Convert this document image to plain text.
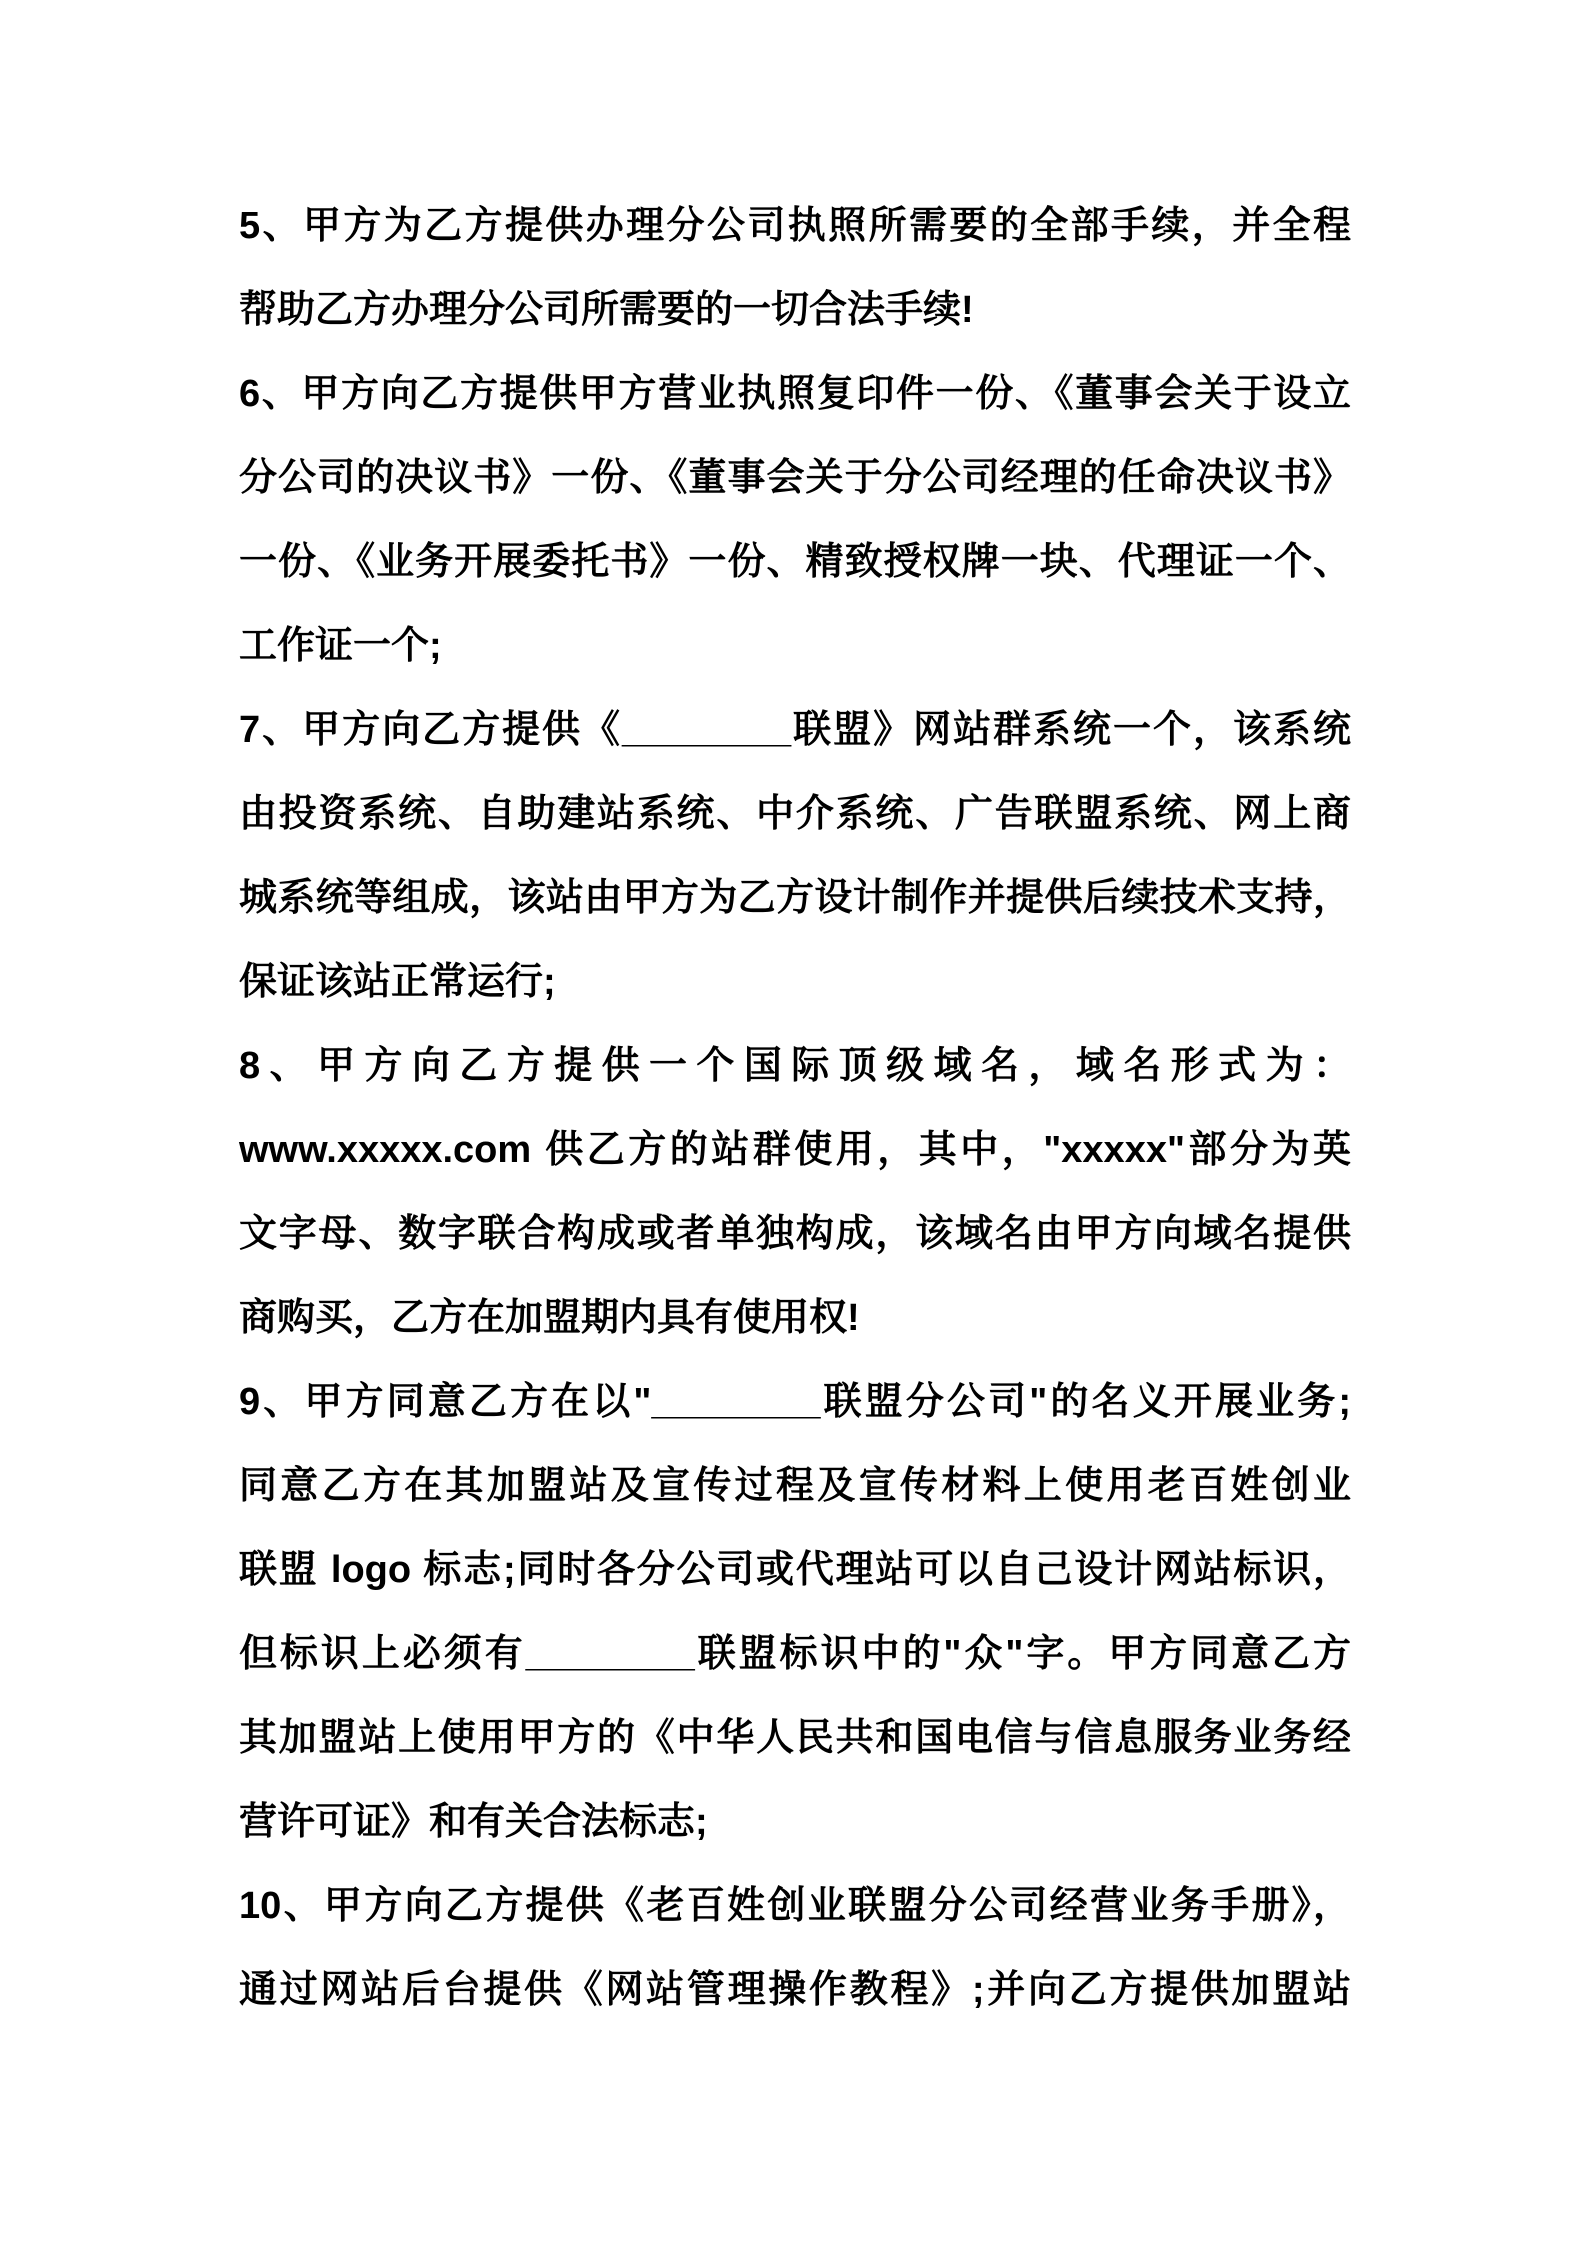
5、甲方为乙方提供办理分公司执照所需要的全部手续，并全程
帮助乙方办理分公司所需要的一切合法手续!
6、甲方向乙方提供甲方营业执照复印件一份、《董事会关于设立
分公司的决议书》一份、《董事会关于分公司经理的任命决议书》
一份、《业务开展委托书》一份、精致授权牌一块、代理证一个、
工作证一个;
7、甲方向乙方提供《________联盟》网站群系统一个，该系统
由投资系统、自助建站系统、中介系统、广告联盟系统、网上商
城系统等组成，该站由甲方为乙方设计制作并提供后续技术支持，
保证该站正常运行;
8、甲方向乙方提供一个国际顶级域名，域名形式为：
www.xxxxx.com 供乙方的站群使用，其中，"xxxxx"部分为英
文字母、数字联合构成或者单独构成，该域名由甲方向域名提供
商购买，乙方在加盟期内具有使用权!
9、甲方同意乙方在以"________联盟分公司"的名义开展业务;
同意乙方在其加盟站及宣传过程及宣传材料上使用老百姓创业
联盟 logo 标志;同时各分公司或代理站可以自己设计网站标识，
但标识上必须有________联盟标识中的"众"字。甲方同意乙方
其加盟站上使用甲方的《中华人民共和国电信与信息服务业务经
营许可证》和有关合法标志;
10、甲方向乙方提供《老百姓创业联盟分公司经营业务手册》，
通过网站后台提供《网站管理操作教程》;并向乙方提供加盟站
